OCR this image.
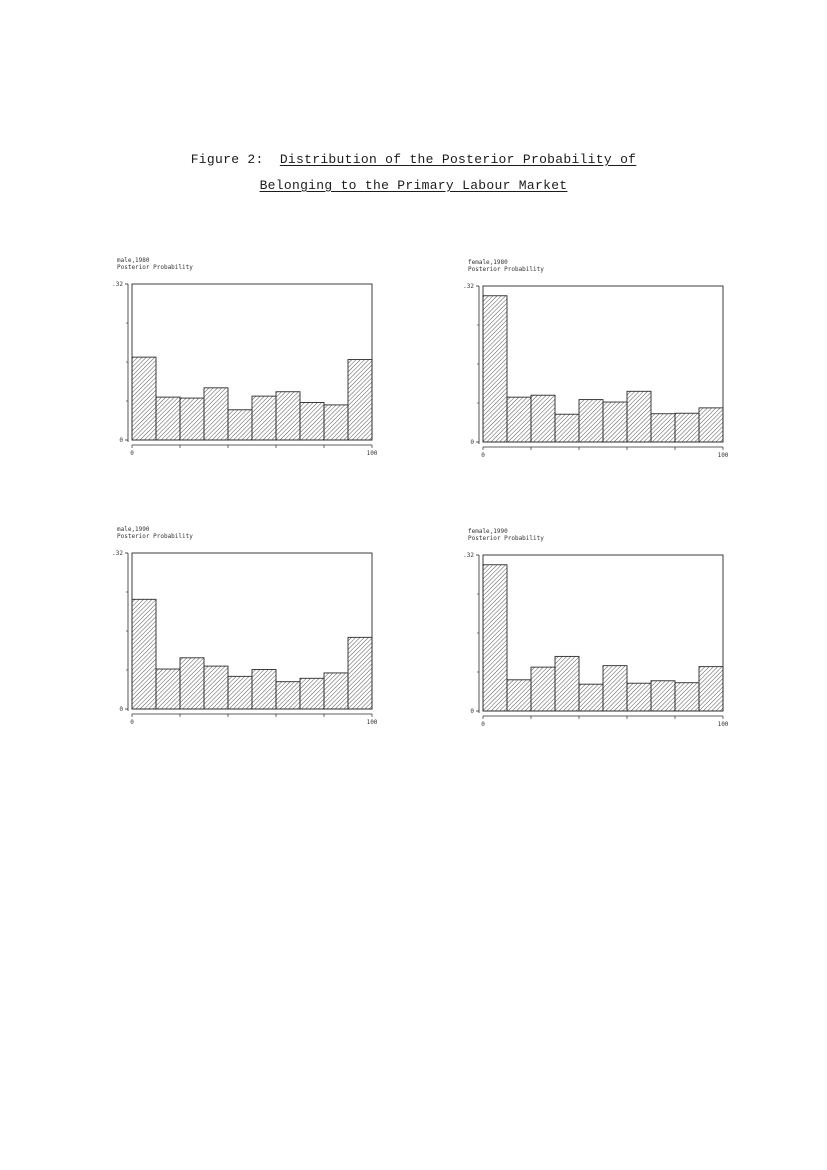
Figure 2: Distribution of the Posterior Probability of
Belonging to the Primary Labour Market
male,1980
Posterior Probability
.32
0
0	100
female,1980
Posterior Probability
.32
0
0	100
male,1990
Posterior Probability
.32
0
0	100
female,1990
Posterior Probability
.32
0
0	100
